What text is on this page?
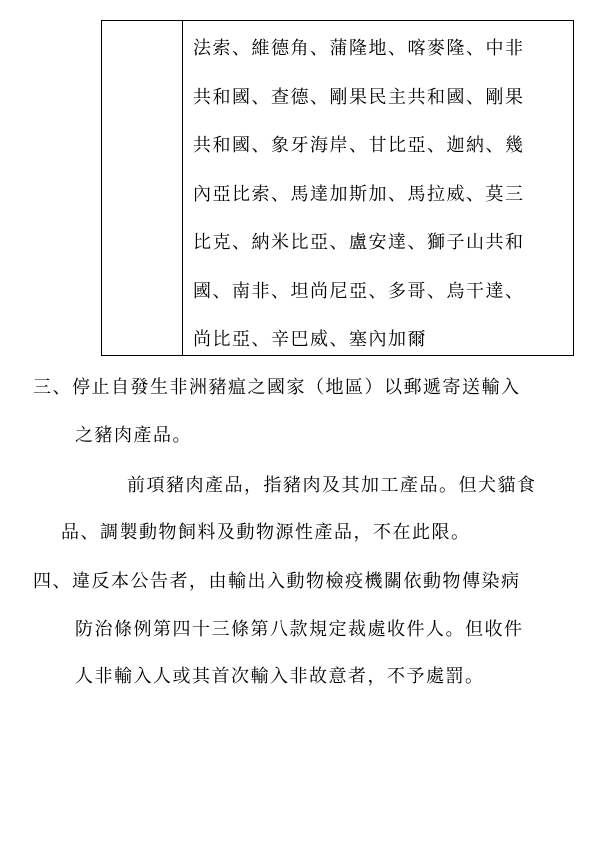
法索、維德角、蒲隆地、喀麥隆、中非
共和國、查德、剛果民主共和國、剛果
共和國、象牙海岸、甘比亞、迦納、幾
內亞比索、馬達加斯加、馬拉威、莫三
比克、納米比亞、盧安達、獅子山共和
國、南非、坦尚尼亞、多哥、烏干達、
尚比亞、辛巴威、塞內加爾
三、停止自發生非洲豬瘟之國家（地區）以郵遞寄送輸入
之豬肉產品。
前項豬肉產品，指豬肉及其加工產品。但犬貓食
品、調製動物飼料及動物源性產品，不在此限。
四、違反本公告者，由輸出入動物檢疫機關依動物傳染病
防治條例第四十三條第八款規定裁處收件人。但收件
人非輸入人或其首次輸入非故意者，不予處罰。
